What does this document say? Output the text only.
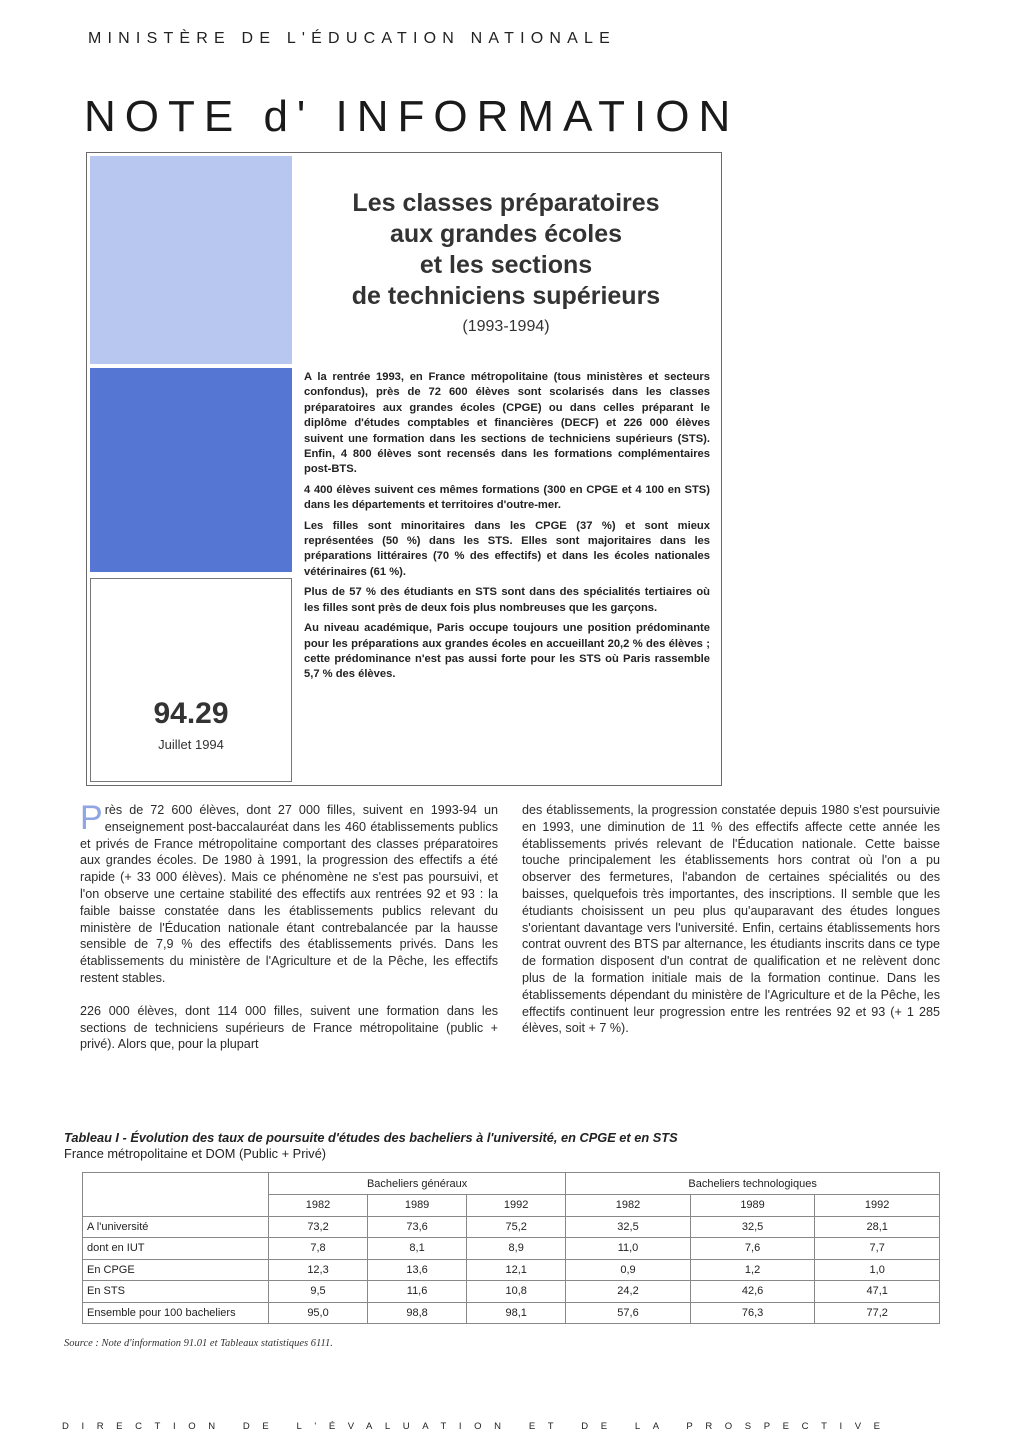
MINISTÈRE DE L'ÉDUCATION NATIONALE
NOTE d' INFORMATION
94.29
Juillet 1994
Les classes préparatoires
aux grandes écoles
et les sections
de techniciens supérieurs
(1993-1994)

A la rentrée 1993, en France métropolitaine (tous ministères et secteurs confondus), près de 72 600 élèves sont scolarisés dans les classes préparatoires aux grandes écoles (CPGE) ou dans celles préparant le diplôme d'études comptables et financières (DECF) et 226 000 élèves suivent une formation dans les sections de techniciens supérieurs (STS). Enfin, 4 800 élèves sont recensés dans les formations complémentaires post-BTS.

4 400 élèves suivent ces mêmes formations (300 en CPGE et 4 100 en STS) dans les départements et territoires d'outre-mer.

Les filles sont minoritaires dans les CPGE (37 %) et sont mieux représentées (50 %) dans les STS. Elles sont majoritaires dans les préparations littéraires (70 % des effectifs) et dans les écoles nationales vétérinaires (61 %).

Plus de 57 % des étudiants en STS sont dans des spécialités tertiaires où les filles sont près de deux fois plus nombreuses que les garçons.

Au niveau académique, Paris occupe toujours une position prédominante pour les préparations aux grandes écoles en accueillant 20,2 % des élèves ; cette prédominance n'est pas aussi forte pour les STS où Paris rassemble 5,7 % des élèves.

Près de 72 600 élèves, dont 27 000 filles, suivent en 1993-94 un enseignement post-baccalauréat dans les 460 établissements publics et privés de France métropolitaine comportant des classes préparatoires aux grandes écoles. De 1980 à 1991, la progression des effectifs a été rapide (+ 33 000 élèves). Mais ce phénomène ne s'est pas poursuivi, et l'on observe une certaine stabilité des effectifs aux rentrées 92 et 93 : la faible baisse constatée dans les établissements publics relevant du ministère de l'Éducation nationale étant contrebalancée par la hausse sensible de 7,9 % des effectifs des établissements privés. Dans les établissements du ministère de l'Agriculture et de la Pêche, les effectifs restent stables.

226 000 élèves, dont 114 000 filles, suivent une formation dans les sections de techniciens supérieurs de France métropolitaine (public + privé). Alors que, pour la plupart

des établissements, la progression constatée depuis 1980 s'est poursuivie en 1993, une diminution de 11 % des effectifs affecte cette année les établissements privés relevant de l'Éducation nationale. Cette baisse touche principalement les établissements hors contrat où l'on a pu observer des fermetures, l'abandon de certaines spécialités ou des baisses, quelquefois très importantes, des inscriptions. Il semble que les étudiants choisissent un peu plus qu'auparavant des études longues s'orientant davantage vers l'université. Enfin, certains établissements hors contrat ouvrent des BTS par alternance, les étudiants inscrits dans ce type de formation disposent d'un contrat de qualification et ne relèvent donc plus de la formation initiale mais de la formation continue. Dans les établissements dépendant du ministère de l'Agriculture et de la Pêche, les effectifs continuent leur progression entre les rentrées 92 et 93 (+ 1 285 élèves, soit + 7 %).

Tableau I - Évolution des taux de poursuite d'études des bacheliers à l'université, en CPGE et en STS
France métropolitaine et DOM (Public + Privé)
	Bacheliers généraux			Bacheliers technologiques		
	1982	1989	1992	1982	1989	1992
A l'université	73,2	73,6	75,2	32,5	32,5	28,1
dont en IUT	7,8	8,1	8,9	11,0	7,6	7,7
En CPGE	12,3	13,6	12,1	0,9	1,2	1,0
En STS	9,5	11,6	10,8	24,2	42,6	47,1
Ensemble pour 100 bacheliers	95,0	98,8	98,1	57,6	76,3	77,2
Source : Note d'information 91.01 et Tableaux statistiques 6111.
DIRECTION DE L'ÉVALUATION ET DE LA PROSPECTIVE
